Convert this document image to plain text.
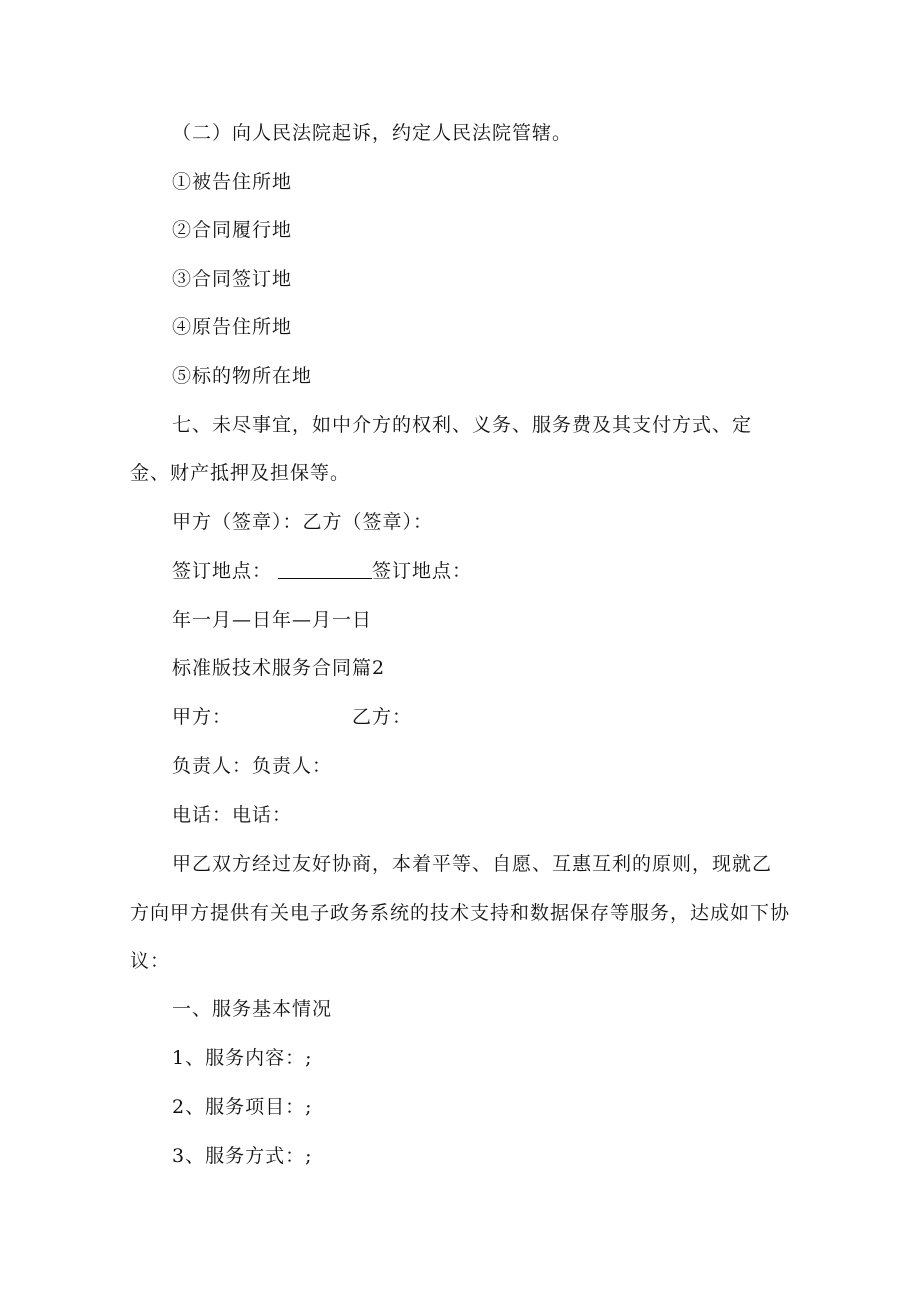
（二）向人民法院起诉，约定人民法院管辖。
①被告住所地
②合同履行地
③合同签订地
④原告住所地
⑤标的物所在地
七、未尽事宜，如中介方的权利、义务、服务费及其支付方式、定
金、财产抵押及担保等。
甲方（签章）：乙方（签章）：
签订地点：	签订地点：
年一月—日年—月一日
标准版技术服务合同篇2
甲方：	乙方：
负责人：负责人：
电话：电话：
甲乙双方经过友好协商，本着平等、自愿、互惠互利的原则，现就乙
方向甲方提供有关电子政务系统的技术支持和数据保存等服务，达成如下协
议：
一、服务基本情况
1、服务内容：;
2、服务项目：;
3、服务方式：;
